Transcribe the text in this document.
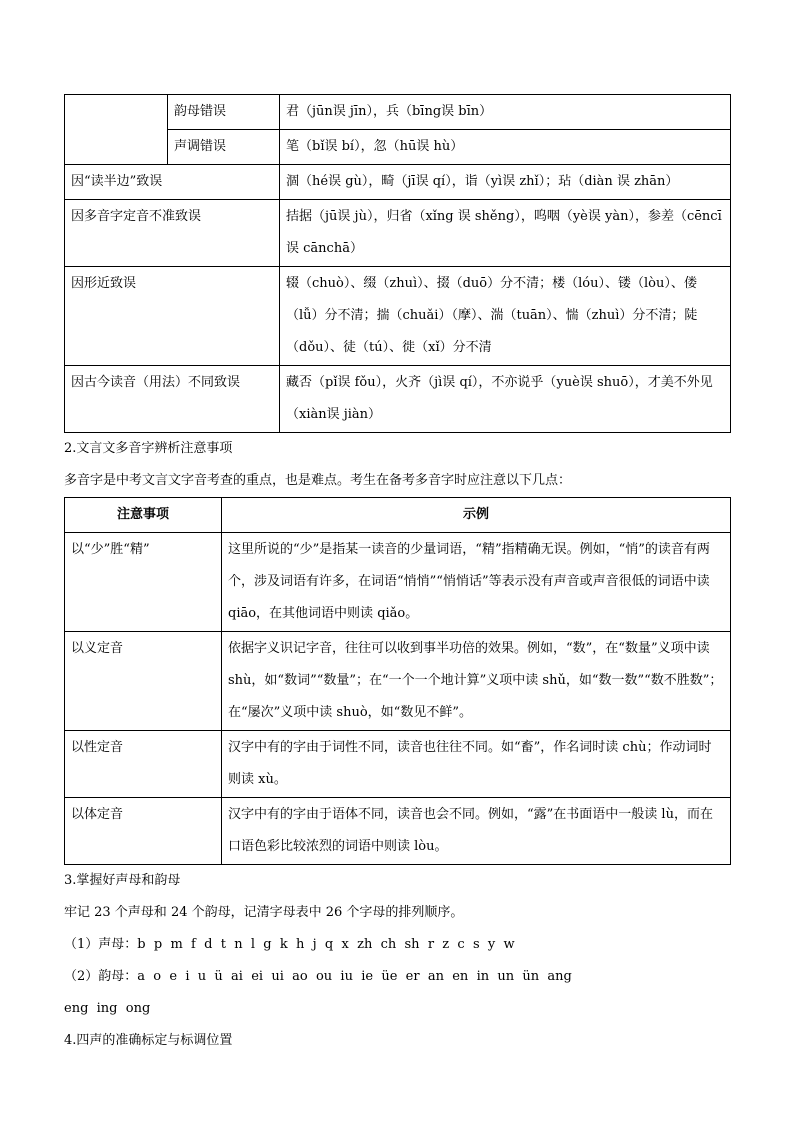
	韵母错误	君（jūn误 jīn），兵（bīng误 bīn）
	声调错误	笔（bǐ误 bí），忽（hū误 hù）
因“读半边”致误		涸（hé误 gù），畸（jī误 qí），诣（yì误 zhǐ）；玷（diàn 误 zhān）
因多音字定音不准致误		拮据（jū误 jù），归省（xǐng 误 shěng），呜咽（yè误 yàn），参差（cēncī误 cānchā）
因形近致误		辍（chuò）、缀（zhuì）、掇（duō）分不清；楼（lóu）、镂（lòu）、偻（lǚ）分不清；揣（chuǎi）（摩）、湍（tuān）、惴（zhuì）分不清；陡（dǒu）、徒（tú）、徙（xǐ）分不清
因古今读音（用法）不同致误		藏否（pǐ误 fǒu），火齐（jì误 qí），不亦说乎（yuè误 shuō），才美不外见（xiàn误 jiàn）

2.文言文多音字辨析注意事项

多音字是中考文言文字音考查的重点，也是难点。考生在备考多音字时应注意以下几点：

注意事项	示例
以“少”胜“精”	这里所说的“少”是指某一读音的少量词语，“精”指精确无误。例如，“悄”的读音有两个，涉及词语有许多，在词语“悄悄”“悄悄话”等表示没有声音或声音很低的词语中读 qiāo，在其他词语中则读 qiǎo。
以义定音	依据字义识记字音，往往可以收到事半功倍的效果。例如，“数”，在“数量”义项中读shù，如“数词”“数量”；在“一个一个地计算”义项中读 shǔ，如“数一数”“数不胜数”；在“屡次”义项中读 shuò，如“数见不鲜”。
以性定音	汉字中有的字由于词性不同，读音也往往不同。如“畜”，作名词时读 chù；作动词时则读 xù。
以体定音	汉字中有的字由于语体不同，读音也会不同。例如，“露”在书面语中一般读 lù，而在口语色彩比较浓烈的词语中则读 lòu。

3.掌握好声母和韵母

牢记 23 个声母和 24 个韵母，记清字母表中 26 个字母的排列顺序。

（1）声母：b  p  m  f  d  t  n  l  g  k  h  j  q  x  zh  ch  sh  r  z  c  s  y  w

（2）韵母：a  o  e  i  u  ü  ai  ei  ui  ao  ou  iu  ie  üe  er  an  en  in  un  ün  ang

eng  ing  ong

4.四声的准确标定与标调位置
